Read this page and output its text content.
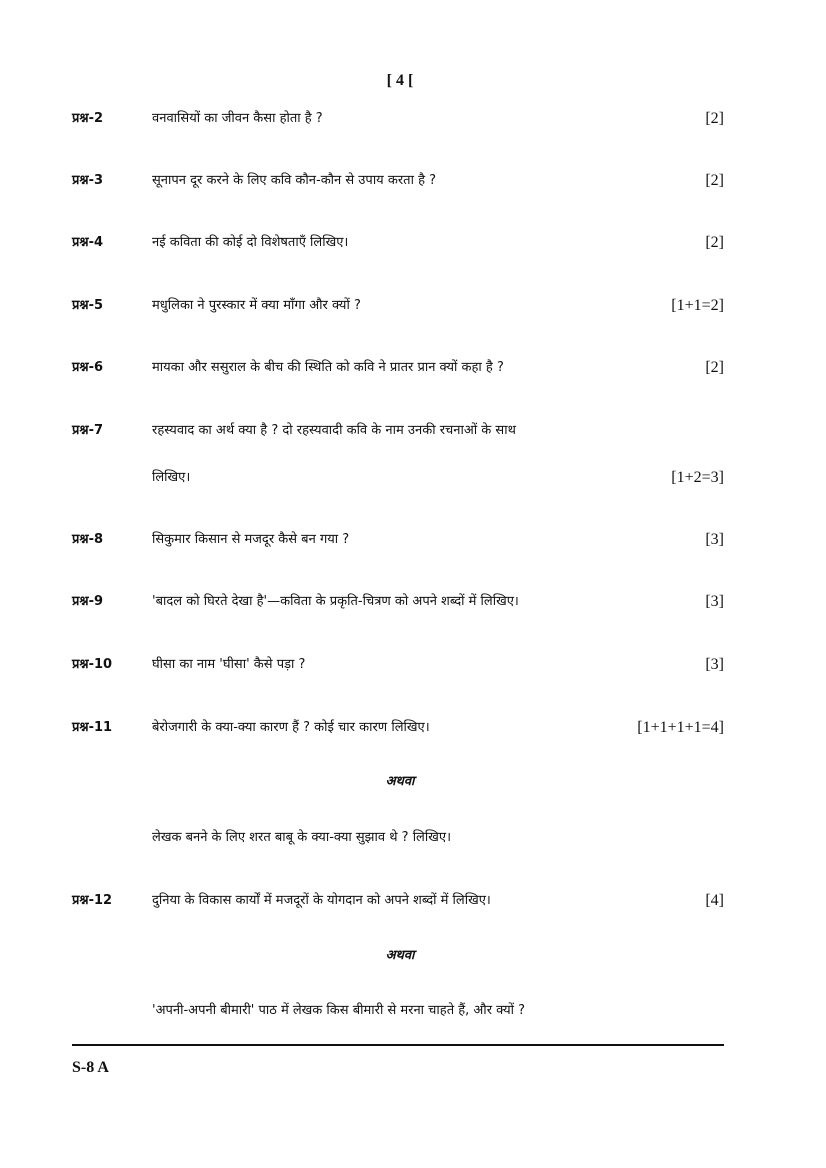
[ 4 [
प्रश्न-2	वनवासियों का जीवन कैसा होता है ?	[2]
प्रश्न-3	सूनापन दूर करने के लिए कवि कौन-कौन से उपाय करता है ?	[2]
प्रश्न-4	नई कविता की कोई दो विशेषताएँ लिखिए।	[2]
प्रश्न-5	मधुलिका ने पुरस्कार में क्या माँगा और क्यों ?	[1+1=2]
प्रश्न-6	मायका और ससुराल के बीच की स्थिति को कवि ने प्रातर प्रान क्यों कहा है ?	[2]
प्रश्न-7	रहस्यवाद का अर्थ क्या है ? दो रहस्यवादी कवि के नाम उनकी रचनाओं के साथ
लिखिए।	[1+2=3]
प्रश्न-8	सिकुमार किसान से मजदूर कैसे बन गया ?	[3]
प्रश्न-9	'बादल को घिरते देखा है'—कविता के प्रकृति-चित्रण को अपने शब्दों में लिखिए।	[3]
प्रश्न-10	घीसा का नाम 'घीसा' कैसे पड़ा ?	[3]
प्रश्न-11	बेरोजगारी के क्या-क्या कारण हैं ? कोई चार कारण लिखिए।	[1+1+1+1=4]
अथवा
लेखक बनने के लिए शरत बाबू के क्या-क्या सुझाव थे ? लिखिए।
प्रश्न-12	दुनिया के विकास कार्यों में मजदूरों के योगदान को अपने शब्दों में लिखिए।	[4]
अथवा
'अपनी-अपनी बीमारी' पाठ में लेखक किस बीमारी से मरना चाहते हैं, और क्यों ?
S-8 A
